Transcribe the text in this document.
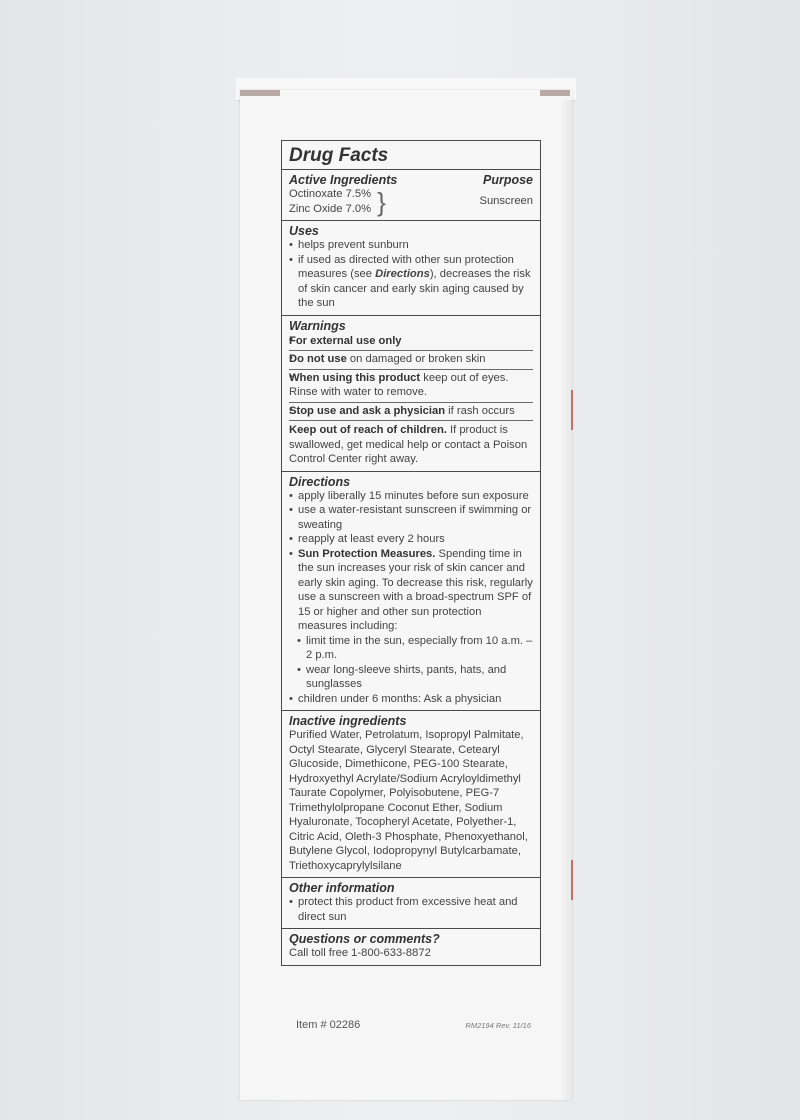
Drug Facts
Active Ingredients	Purpose
Octinoxate 7.5%
Zinc Oxide 7.0% }	Sunscreen
Uses
• helps prevent sunburn
• if used as directed with other sun protection measures (see Directions), decreases the risk of skin cancer and early skin aging caused by the sun
Warnings
• For external use only
• Do not use on damaged or broken skin
• When using this product keep out of eyes. Rinse with water to remove.
• Stop use and ask a physician if rash occurs
Keep out of reach of children. If product is swallowed, get medical help or contact a Poison Control Center right away.
Directions
• apply liberally 15 minutes before sun exposure
• use a water-resistant sunscreen if swimming or sweating
• reapply at least every 2 hours
• Sun Protection Measures. Spending time in the sun increases your risk of skin cancer and early skin aging. To decrease this risk, regularly use a sunscreen with a broad-spectrum SPF of 15 or higher and other sun protection measures including:
• limit time in the sun, especially from 10 a.m. – 2 p.m.
• wear long-sleeve shirts, pants, hats, and sunglasses
• children under 6 months: Ask a physician
Inactive ingredients
Purified Water, Petrolatum, Isopropyl Palmitate, Octyl Stearate, Glyceryl Stearate, Cetearyl Glucoside, Dimethicone, PEG-100 Stearate, Hydroxyethyl Acrylate/Sodium Acryloyldimethyl Taurate Copolymer, Polyisobutene, PEG-7 Trimethylolpropane Coconut Ether, Sodium Hyaluronate, Tocopheryl Acetate, Polyether-1, Citric Acid, Oleth-3 Phosphate, Phenoxyethanol, Butylene Glycol, Iodopropynyl Butylcarbamate, Triethoxycaprylylsilane
Other information
• protect this product from excessive heat and direct sun
Questions or comments?
Call toll free 1-800-633-8872
Item # 02286	RM2194 Rev. 11/16
